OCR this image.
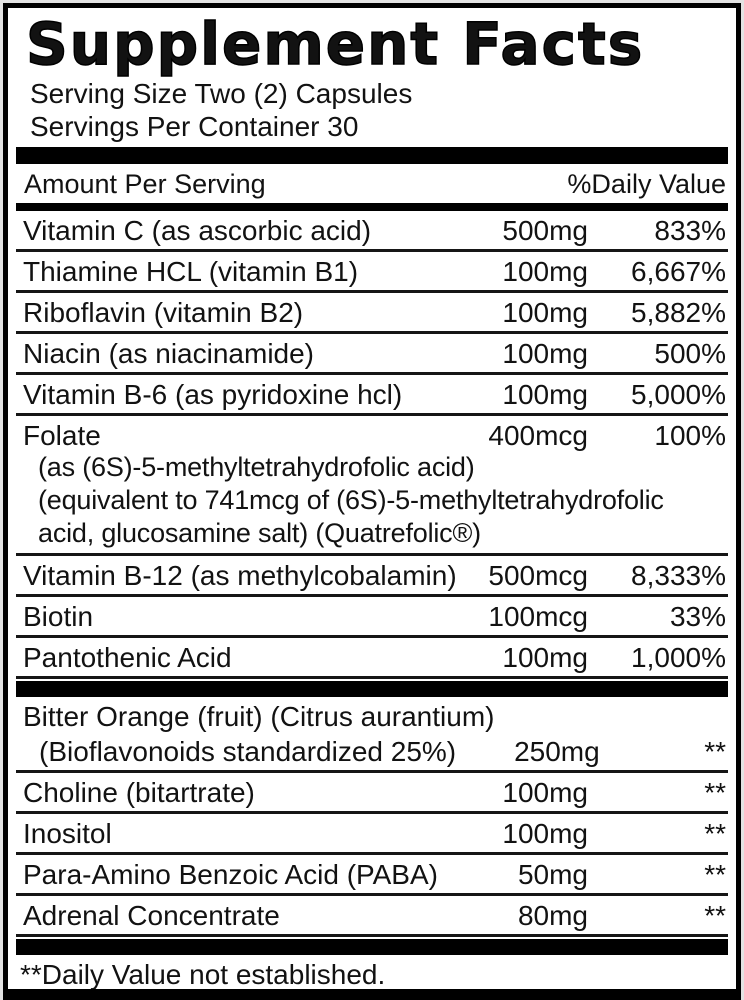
Supplement Facts
Serving Size Two (2) Capsules
Servings Per Container 30
Amount Per Serving	%Daily Value
Vitamin C (as ascorbic acid)	500mg	833%
Thiamine HCL (vitamin B1)	100mg	6,667%
Riboflavin (vitamin B2)	100mg	5,882%
Niacin (as niacinamide)	100mg	500%
Vitamin B-6 (as pyridoxine hcl)	100mg	5,000%
Folate	400mcg	100%
(as (6S)-5-methyltetrahydrofolic acid)
(equivalent to 741mcg of (6S)-5-methyltetrahydrofolic
acid, glucosamine salt) (Quatrefolic®)
Vitamin B-12 (as methylcobalamin)	500mcg	8,333%
Biotin	100mcg	33%
Pantothenic Acid	100mg	1,000%
Bitter Orange (fruit) (Citrus aurantium)
(Bioflavonoids standardized 25%)	250mg	**
Choline (bitartrate)	100mg	**
Inositol	100mg	**
Para-Amino Benzoic Acid (PABA)	50mg	**
Adrenal Concentrate	80mg	**
**Daily Value not established.
